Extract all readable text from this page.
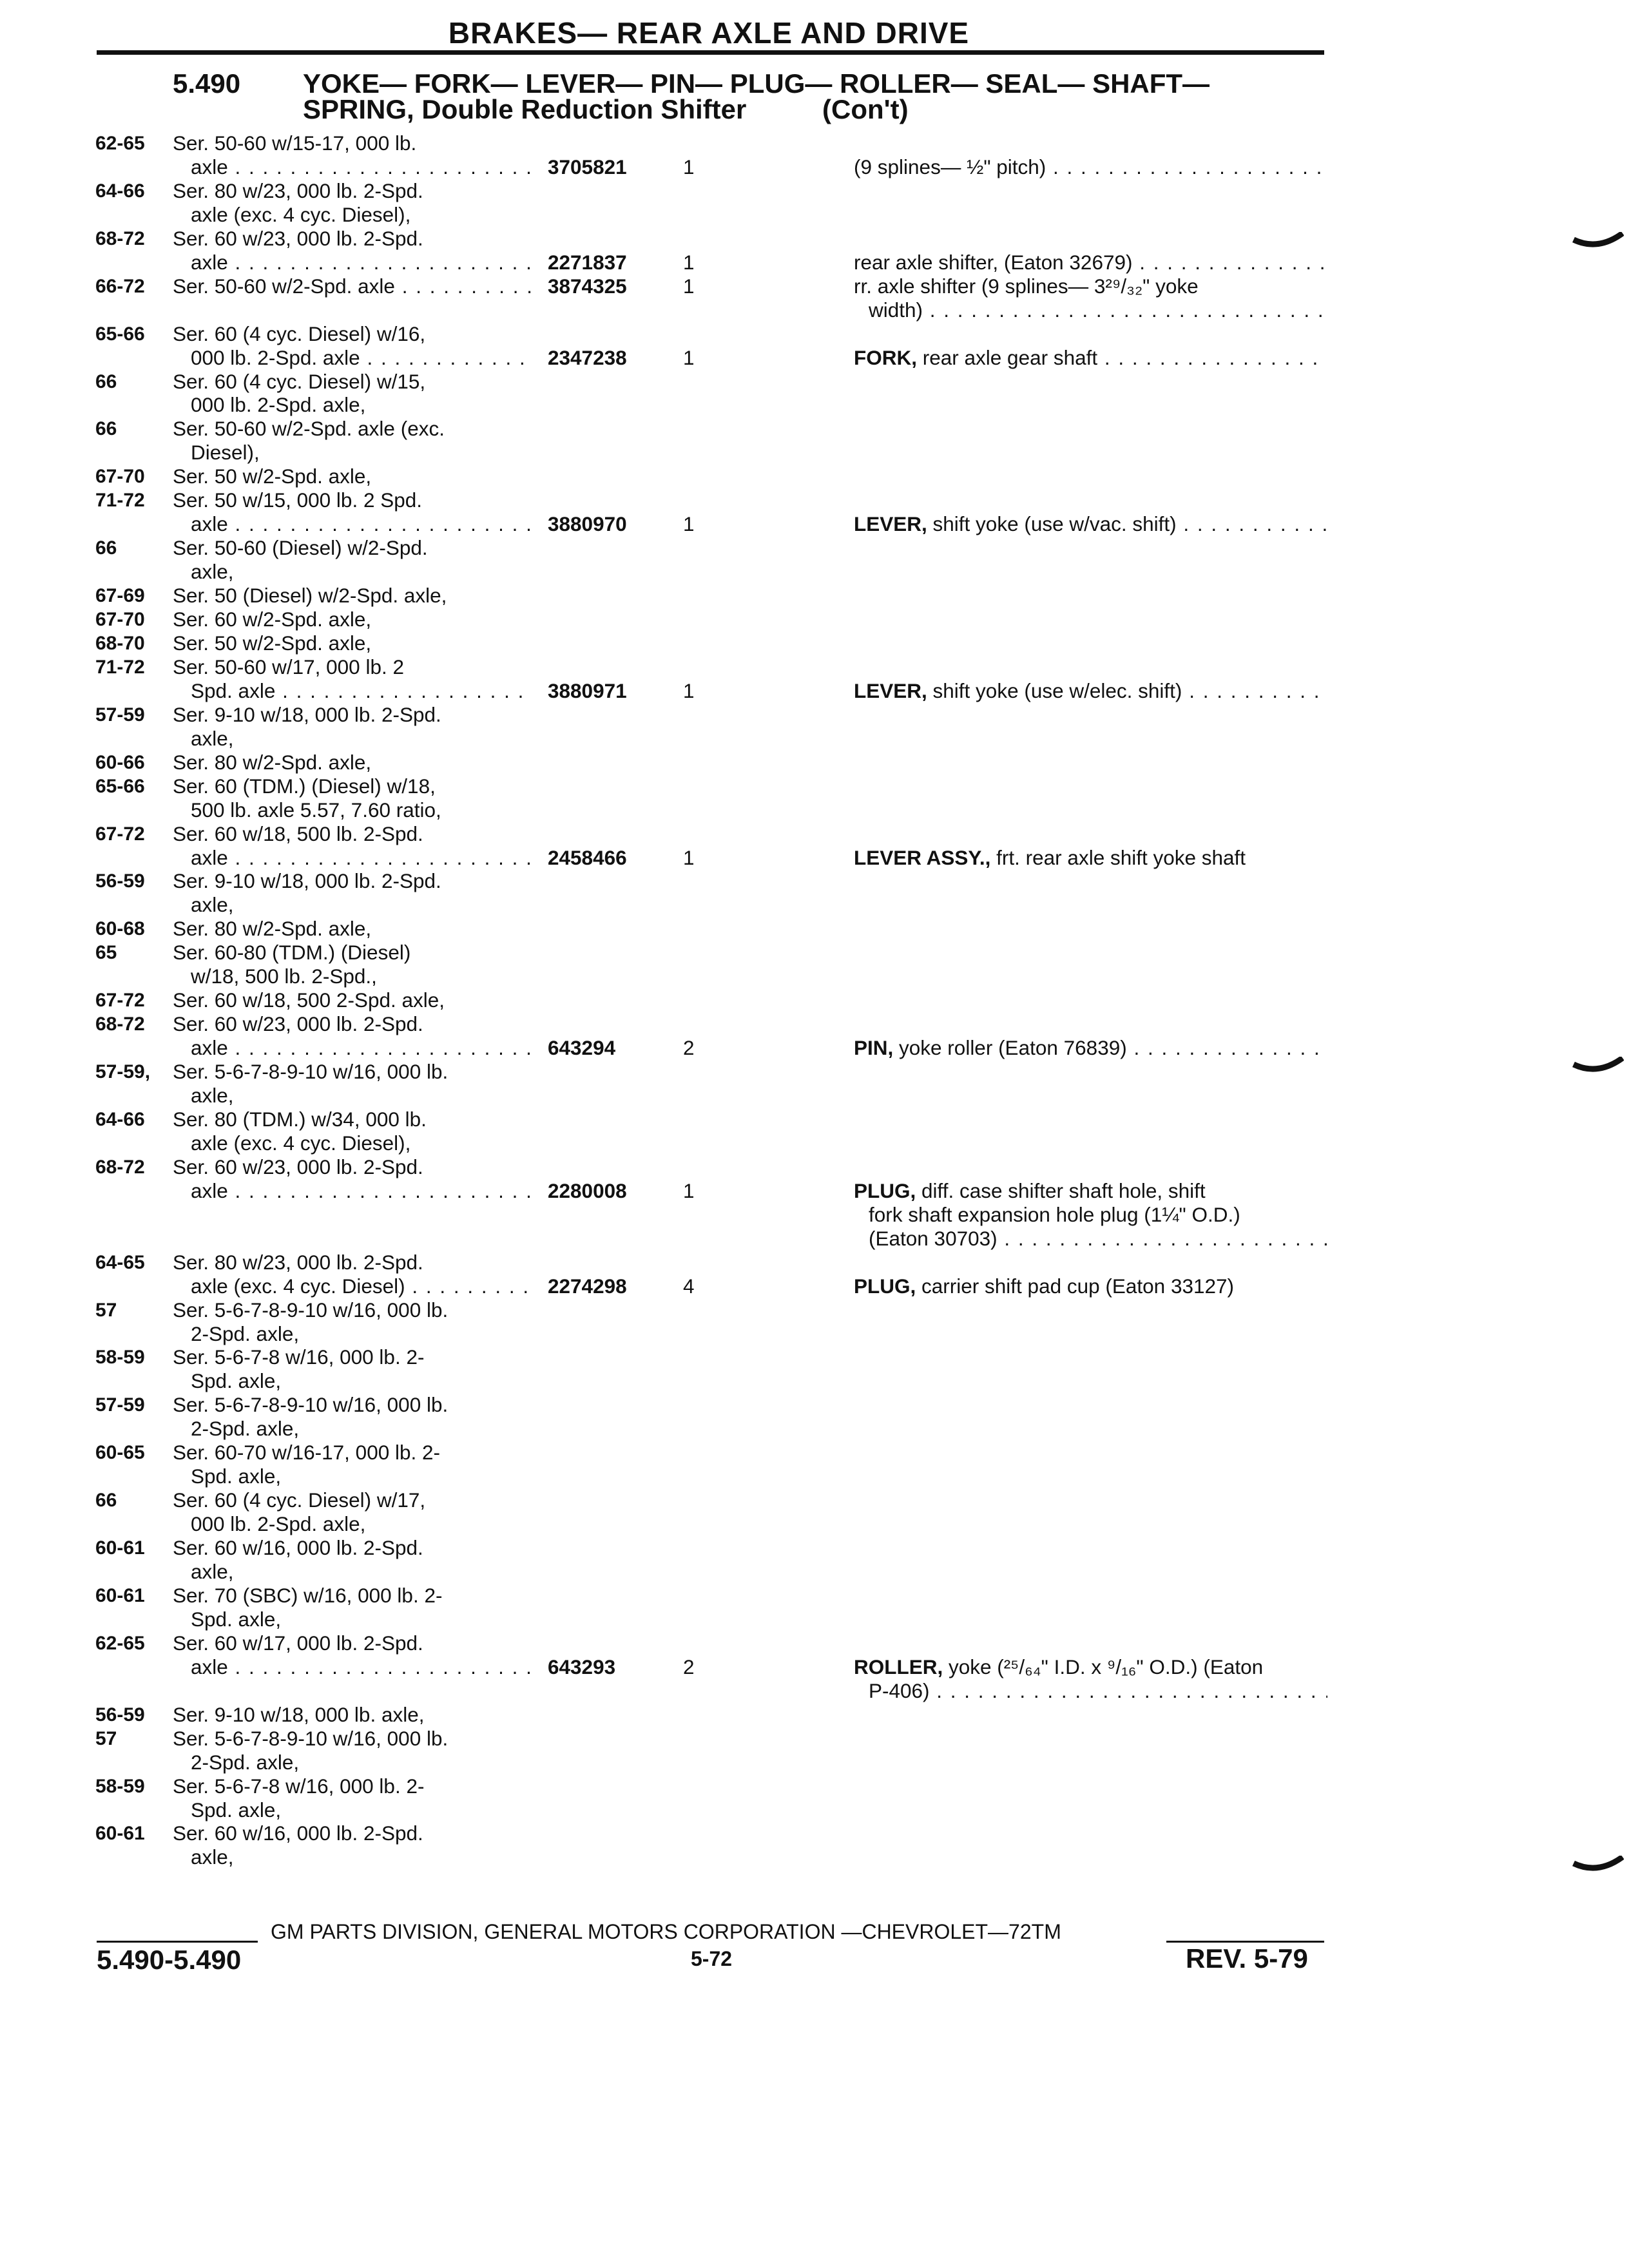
BRAKES— REAR AXLE AND DRIVE
5.490 YOKE— FORK— LEVER— PIN— PLUG— ROLLER— SEAL— SHAFT—
SPRING, Double Reduction Shifter	(Con't)
62-65	Ser. 50-60 w/15-17, 000 lb.
axle . . .	3705821	1	(9 splines— ½" pitch) . . .
64-66	Ser. 80 w/23, 000 lb. 2-Spd.
axle (exc. 4 cyc. Diesel),
68-72	Ser. 60 w/23, 000 lb. 2-Spd.
axle . . .	2271837	1	rear axle shifter, (Eaton 32679) . . .
66-72	Ser. 50-60 w/2-Spd. axle . . .	3874325	1	rr. axle shifter (9 splines— 3²⁹/₃₂" yoke
width) . . .
65-66	Ser. 60 (4 cyc. Diesel) w/16,
000 lb. 2-Spd. axle . . .	2347238	1	FORK, rear axle gear shaft . . .
66	Ser. 60 (4 cyc. Diesel) w/15,
000 lb. 2-Spd. axle,
66	Ser. 50-60 w/2-Spd. axle (exc.
Diesel),
67-70	Ser. 50 w/2-Spd. axle,
71-72	Ser. 50 w/15, 000 lb. 2 Spd.
axle . . .	3880970	1	LEVER, shift yoke (use w/vac. shift) . . .
66	Ser. 50-60 (Diesel) w/2-Spd.
axle,
67-69	Ser. 50 (Diesel) w/2-Spd. axle,
67-70	Ser. 60 w/2-Spd. axle,
68-70	Ser. 50 w/2-Spd. axle,
71-72	Ser. 50-60 w/17, 000 lb. 2
Spd. axle . . .	3880971	1	LEVER, shift yoke (use w/elec. shift) . . .
57-59	Ser. 9-10 w/18, 000 lb. 2-Spd.
axle,
60-66	Ser. 80 w/2-Spd. axle,
65-66	Ser. 60 (TDM.) (Diesel) w/18,
500 lb. axle 5.57, 7.60 ratio,
67-72	Ser. 60 w/18, 500 lb. 2-Spd.
axle . . .	2458466	1	LEVER ASSY., frt. rear axle shift yoke shaft
56-59	Ser. 9-10 w/18, 000 lb. 2-Spd.
axle,
60-68	Ser. 80 w/2-Spd. axle,
65	Ser. 60-80 (TDM.) (Diesel)
w/18, 500 lb. 2-Spd.,
67-72	Ser. 60 w/18, 500 2-Spd. axle,
68-72	Ser. 60 w/23, 000 lb. 2-Spd.
axle . . .	643294	2	PIN, yoke roller (Eaton 76839) . . .
57-59,	Ser. 5-6-7-8-9-10 w/16, 000 lb.
axle,
64-66	Ser. 80 (TDM.) w/34, 000 lb.
axle (exc. 4 cyc. Diesel),
68-72	Ser. 60 w/23, 000 lb. 2-Spd.
axle . . .	2280008	1	PLUG, diff. case shifter shaft hole, shift
fork shaft expansion hole plug (1¼" O.D.)
(Eaton 30703) . . .
64-65	Ser. 80 w/23, 000 lb. 2-Spd.
axle (exc. 4 cyc. Diesel) . . .	2274298	4	PLUG, carrier shift pad cup (Eaton 33127)
57	Ser. 5-6-7-8-9-10 w/16, 000 lb.
2-Spd. axle,
58-59	Ser. 5-6-7-8 w/16, 000 lb. 2-
Spd. axle,
57-59	Ser. 5-6-7-8-9-10 w/16, 000 lb.
2-Spd. axle,
60-65	Ser. 60-70 w/16-17, 000 lb. 2-
Spd. axle,
66	Ser. 60 (4 cyc. Diesel) w/17,
000 lb. 2-Spd. axle,
60-61	Ser. 60 w/16, 000 lb. 2-Spd.
axle,
60-61	Ser. 70 (SBC) w/16, 000 lb. 2-
Spd. axle,
62-65	Ser. 60 w/17, 000 lb. 2-Spd.
axle . . .	643293	2	ROLLER, yoke (²⁵/₆₄" I.D. x ⁹/₁₆" O.D.) (Eaton
P-406) . . .
56-59	Ser. 9-10 w/18, 000 lb. axle,
57	Ser. 5-6-7-8-9-10 w/16, 000 lb.
2-Spd. axle,
58-59	Ser. 5-6-7-8 w/16, 000 lb. 2-
Spd. axle,
60-61	Ser. 60 w/16, 000 lb. 2-Spd.
axle,
GM PARTS DIVISION, GENERAL MOTORS CORPORATION —CHEVROLET—72TM
5.490-5.490	5-72	REV. 5-79
